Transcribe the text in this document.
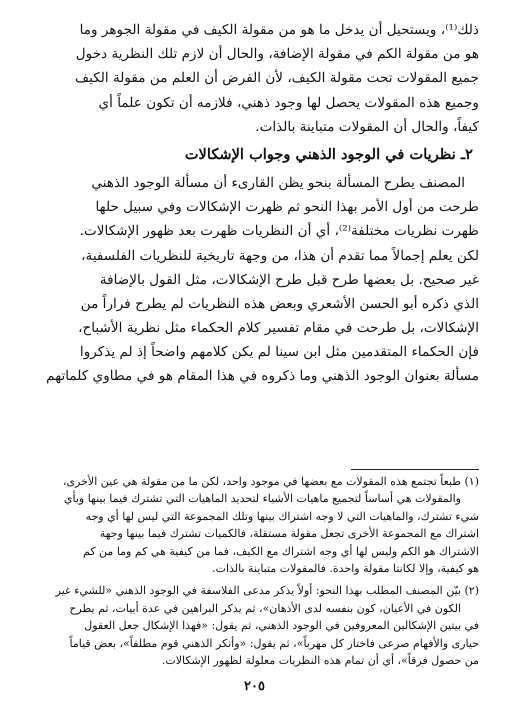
ذلك⁽¹⁾، ويستحيل أن يدخل ما هو من مقولة الكيف في مقولة الجوهر وما
هو من مقولة الكم في مقولة الإضافة، والحال أن لازم تلك النظرية دخول
جميع المقولات تحت مقولة الكيف، لأن الفرض أن العلم من مقولة الكيف
وجميع هذه المقولات يحصل لها وجود ذهني، فلازمه أن تكون علماً أي
كيفاً، والحال أن المقولات متباينة بالذات.
٢ـ نظريات في الوجود الذهني وجواب الإشكالات
المصنف يطرح المسألة بنحو يظن القارىء أن مسألة الوجود الذهني
طرحت من أول الأمر بهذا النحو ثم ظهرت الإشكالات وفي سبيل حلها
ظهرت نظريات مختلفة⁽²⁾، أي أن النظريات ظهرت بعد ظهور الإشكالات.
لكن يعلم إجمالاً مما تقدم أن هذا، من وجهة تاريخية للنظريات الفلسفية،
غير صحيح. بل بعضها طرح قبل طرح الإشكالات، مثل القول بالإضافة
الذي ذكره أبو الحسن الأشعري وبعض هذه النظريات لم يطرح فراراً من
الإشكالات، بل طرحت في مقام تفسير كلام الحكماء مثل نظرية الأشباح،
فإن الحكماء المتقدمين مثل ابن سينا لم يكن كلامهم واضحاً إذ لم يذكروا
مسألة بعنوان الوجود الذهني وما ذكروه في هذا المقام هو في مطاوي كلماتهم
(١) طبعاً تجتمع هذه المقولات مع بعضها في موجود واحد، لكن ما من مقولة هي عين الأخرى،
والمقولات هي أساساً لتجميع ماهيات الأشياء لتحديد الماهيات التي تشترك فيما بينها وبأي
شيء تشترك، والماهيات التي لا وجه اشتراك بينها وتلك المجموعة التي ليس لها أي وجه
اشتراك مع المجموعة الأخرى تجعل مقولة مستقلة، فالكميات تشترك فيما بينها وجهة
الاشتراك هو الكم وليس لها أي وجه اشتراك مع الكيف، فما من كيفية هي كم وما من كم
هو كيفية، وإلا لكانتا مقولة واحدة. فالمقولات متباينة بالذات.
(٢) بيّن المصنف المطلب بهذا النحو: أولاً يذكر مدعى الفلاسفة في الوجود الذهني «للشيء غير
الكون في الأعيان، كون بنفسه لدى الأذهان»، ثم يذكر البراهين في عدة أبيات، ثم يطرح
في بيتين الإشكالين المعروفين في الوجود الذهني، ثم يقول: «فهذا الإشكال جعل العقول
حيارى والأفهام صرعى فاختار كل مهرباً»، ثم يقول: «وأنكر الذهني قوم مطلقاً»، بعض قياماً
من حصول فرقاً»، أي أن تمام هذه النظريات معلولة لظهور الإشكالات.
٢٠٥
